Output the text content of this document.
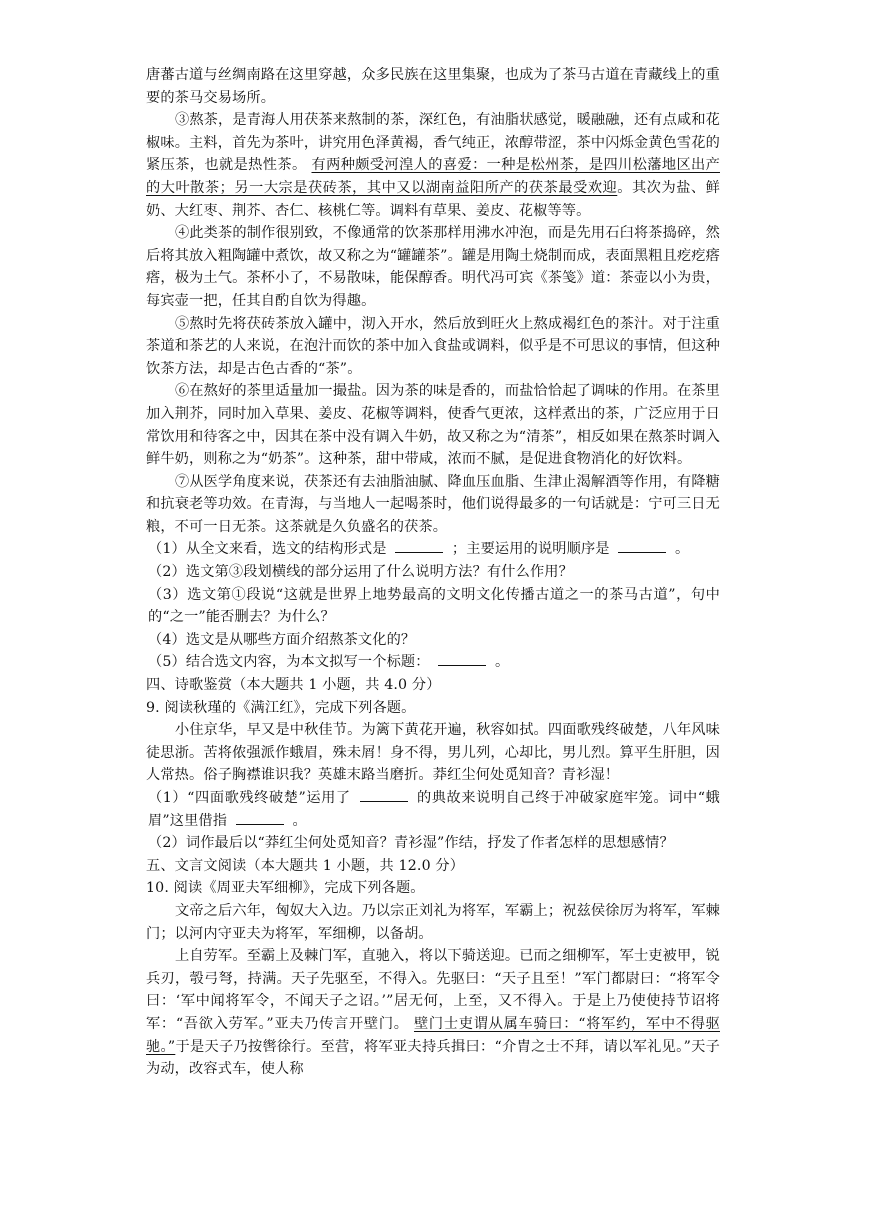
唐蕃古道与丝绸南路在这里穿越，众多民族在这里集聚，也成为了茶马古道在青藏线上的重要的茶马交易场所。

③熬茶，是青海人用茯茶来熬制的茶，深红色，有油脂状感觉，暖融融，还有点咸和花椒味。主料，首先为茶叶，讲究用色泽黄褐，香气纯正，浓醇带涩，茶中闪烁金黄色雪花的紧压茶，也就是热性茶。 有两种颇受河湟人的喜爱：一种是松州茶，是四川松藩地区出产的大叶散茶；另一大宗是茯砖茶，其中又以湖南益阳所产的茯茶最受欢迎。其次为盐、鲜奶、大红枣、荆芥、杏仁、核桃仁等。调料有草果、姜皮、花椒等等。

④此类茶的制作很别致，不像通常的饮茶那样用沸水冲泡，而是先用石臼将茶捣碎，然后将其放入粗陶罐中煮饮，故又称之为“罐罐茶”。罐是用陶土烧制而成，表面黑粗且疙疙瘩瘩，极为土气。茶杯小了，不易散味，能保醇香。明代冯可宾《茶笺》道：茶壶以小为贵，每宾壶一把，任其自酌自饮为得趣。

⑤熬时先将茯砖茶放入罐中，沏入开水，然后放到旺火上熬成褐红色的茶汁。对于注重茶道和茶艺的人来说，在泡汁而饮的茶中加入食盐或调料，似乎是不可思议的事情，但这种饮茶方法，却是古色古香的“茶”。

⑥在熬好的茶里适量加一撮盐。因为茶的味是香的，而盐恰恰起了调味的作用。在茶里加入荆芥，同时加入草果、姜皮、花椒等调料，使香气更浓，这样煮出的茶，广泛应用于日常饮用和待客之中，因其在茶中没有调入牛奶，故又称之为“清茶”，相反如果在熬茶时调入鲜牛奶，则称之为“奶茶”。这种茶，甜中带咸，浓而不腻，是促进食物消化的好饮料。

⑦从医学角度来说，茯茶还有去油脂油腻、降血压血脂、生津止渴解酒等作用，有降糖和抗衰老等功效。在青海，与当地人一起喝茶时，他们说得最多的一句话就是：宁可三日无粮，不可一日无茶。这茶就是久负盛名的茯茶。

（1）从全文来看，选文的结构形式是	；主要运用的说明顺序是	。

（2）选文第③段划横线的部分运用了什么说明方法？有什么作用？

（3）选文第①段说“这就是世界上地势最高的文明文化传播古道之一的茶马古道”，句中的“之一”能否删去？为什么？

（4）选文是从哪些方面介绍熬茶文化的？

（5）结合选文内容，为本文拟写一个标题：	。

四、诗歌鉴赏（本大题共 1 小题，共 4.0 分）

9. 阅读秋瑾的《满江红》，完成下列各题。

小住京华，早又是中秋佳节。为篱下黄花开遍，秋容如拭。四面歌残终破楚，八年风味徒思浙。苦将侬强派作蛾眉，殊未屑！身不得，男儿列，心却比，男儿烈。算平生肝胆，因人常热。俗子胸襟谁识我？英雄末路当磨折。莽红尘何处觅知音？青衫湿！

（1）“四面歌残终破楚”运用了	的典故来说明自己终于冲破家庭牢笼。词中“蛾眉”这里借指	。

（2）词作最后以“莽红尘何处觅知音？青衫湿”作结，抒发了作者怎样的思想感情？

五、文言文阅读（本大题共 1 小题，共 12.0 分）

10. 阅读《周亚夫军细柳》，完成下列各题。

文帝之后六年，匈奴大入边。乃以宗正刘礼为将军，军霸上；祝兹侯徐厉为将军，军棘门；以河内守亚夫为将军，军细柳，以备胡。

上自劳军。至霸上及棘门军，直驰入，将以下骑送迎。已而之细柳军，军士吏被甲，锐兵刃，彀弓弩，持满。天子先驱至，不得入。先驱曰：“天子且至！”军门都尉曰：“将军令曰：‘军中闻将军令，不闻天子之诏。’”居无何，上至，又不得入。于是上乃使使持节诏将军：“吾欲入劳军。”亚夫乃传言开壁门。 壁门士吏谓从属车骑曰：“将军约，军中不得驱驰。”于是天子乃按辔徐行。至营，将军亚夫持兵揖曰：“介胄之士不拜，请以军礼见。”天子为动，改容式车，使人称
